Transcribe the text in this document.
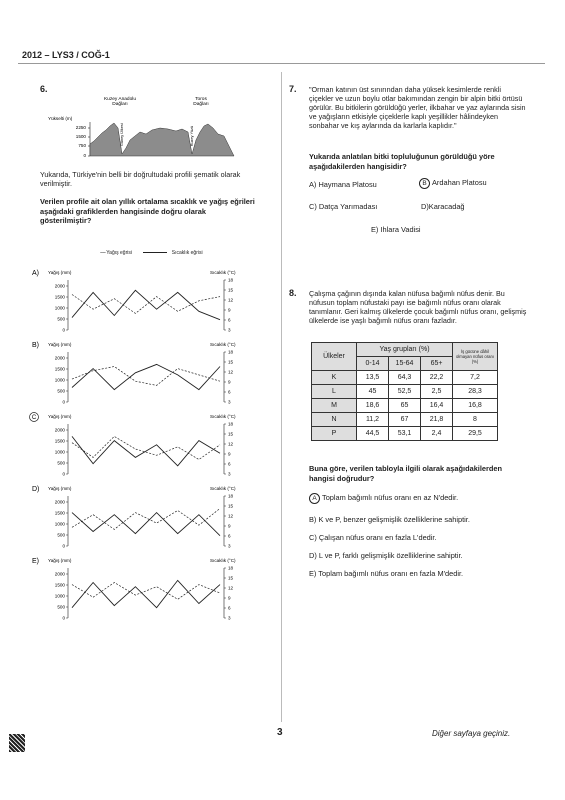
2012 – LYS3 / COĞ-1
6.
Kuzey Anadolu Dağları
Toros Dağları
Yükselti (m)
2250
1500
750
0
Güney Ülkesi	Kuzey Yüzü
Yukarıda, Türkiye'nin belli bir doğrultudaki profili şematik olarak verilmiştir.
Verilen profile ait olan yıllık ortalama sıcaklık ve yağış eğrileri aşağıdaki grafiklerden hangisinde doğru olarak gösterilmiştir?
- - - - - Yağış eğrisi	Sıcaklık eğrisi
A) Yağış (mm)	Sıcaklık (°C)
2000
1500
1000
500
0
18
15
12
9
6
3
B) Yağış (mm)	Sıcaklık (°C)
2000
1500
1000
500
0
18
15
12
9
6
3
C	Yağış (mm)	Sıcaklık (°C)
2000
1500
1000
500
0
18
15
12
9
6
3
D) Yağış (mm)	Sıcaklık (°C)
2000
1500
1000
500
0
18
15
12
9
6
3
E) Yağış (mm)	Sıcaklık (°C)
2000
1500
1000
500
0
18
15
12
9
6
3
7. "Orman katının üst sınırından daha yüksek kesimlerde renkli çiçekler ve uzun boylu otlar bakımından zengin bir alpin bitki örtüsü görülür. Bu bitkilerin görüldüğü yerler, ilkbahar ve yaz aylarında sisin ve yağışların etkisiyle çiçeklerle kaplı yeşillikler hâlindeyken sonbahar ve kış aylarında da karlarla kaplıdır."
Yukarıda anlatılan bitki topluluğunun görüldüğü yöre aşağıdakilerden hangisidir?
A) Haymana Platosu	B Ardahan Platosu
C) Datça Yarımadası	D)Karacadağ
E) Ihlara Vadisi
8. Çalışma çağının dışında kalan nüfusa bağımlı nüfus denir. Bu nüfusun toplam nüfustaki payı ise bağımlı nüfus oranı olarak tanımlanır. Geri kalmış ülkelerde çocuk bağımlı nüfus oranı, gelişmiş ülkelerde ise yaşlı bağımlı nüfus oranı fazladır.
Ülkeler	Yaş grupları (%)			İş gücüne dâhil olmayan nüfus oranı (%)
	0-14	15-64	65+	
K	13,5	64,3	22,2	7,2
L	45	52,5	2,5	28,3
M	18,6	65	16,4	16,8
N	11,2	67	21,8	8
P	44,5	53,1	2,4	29,5
Buna göre, verilen tabloyla ilgili olarak aşağıdakilerden hangisi doğrudur?
A Toplam bağımlı nüfus oranı en az N'dedir.
B) K ve P, benzer gelişmişlik özelliklerine sahiptir.
C) Çalışan nüfus oranı en fazla L'dedir.
D) L ve P, farklı gelişmişlik özelliklerine sahiptir.
E) Toplam bağımlı nüfus oranı en fazla M'dedir.
3	Diğer sayfaya geçiniz.
